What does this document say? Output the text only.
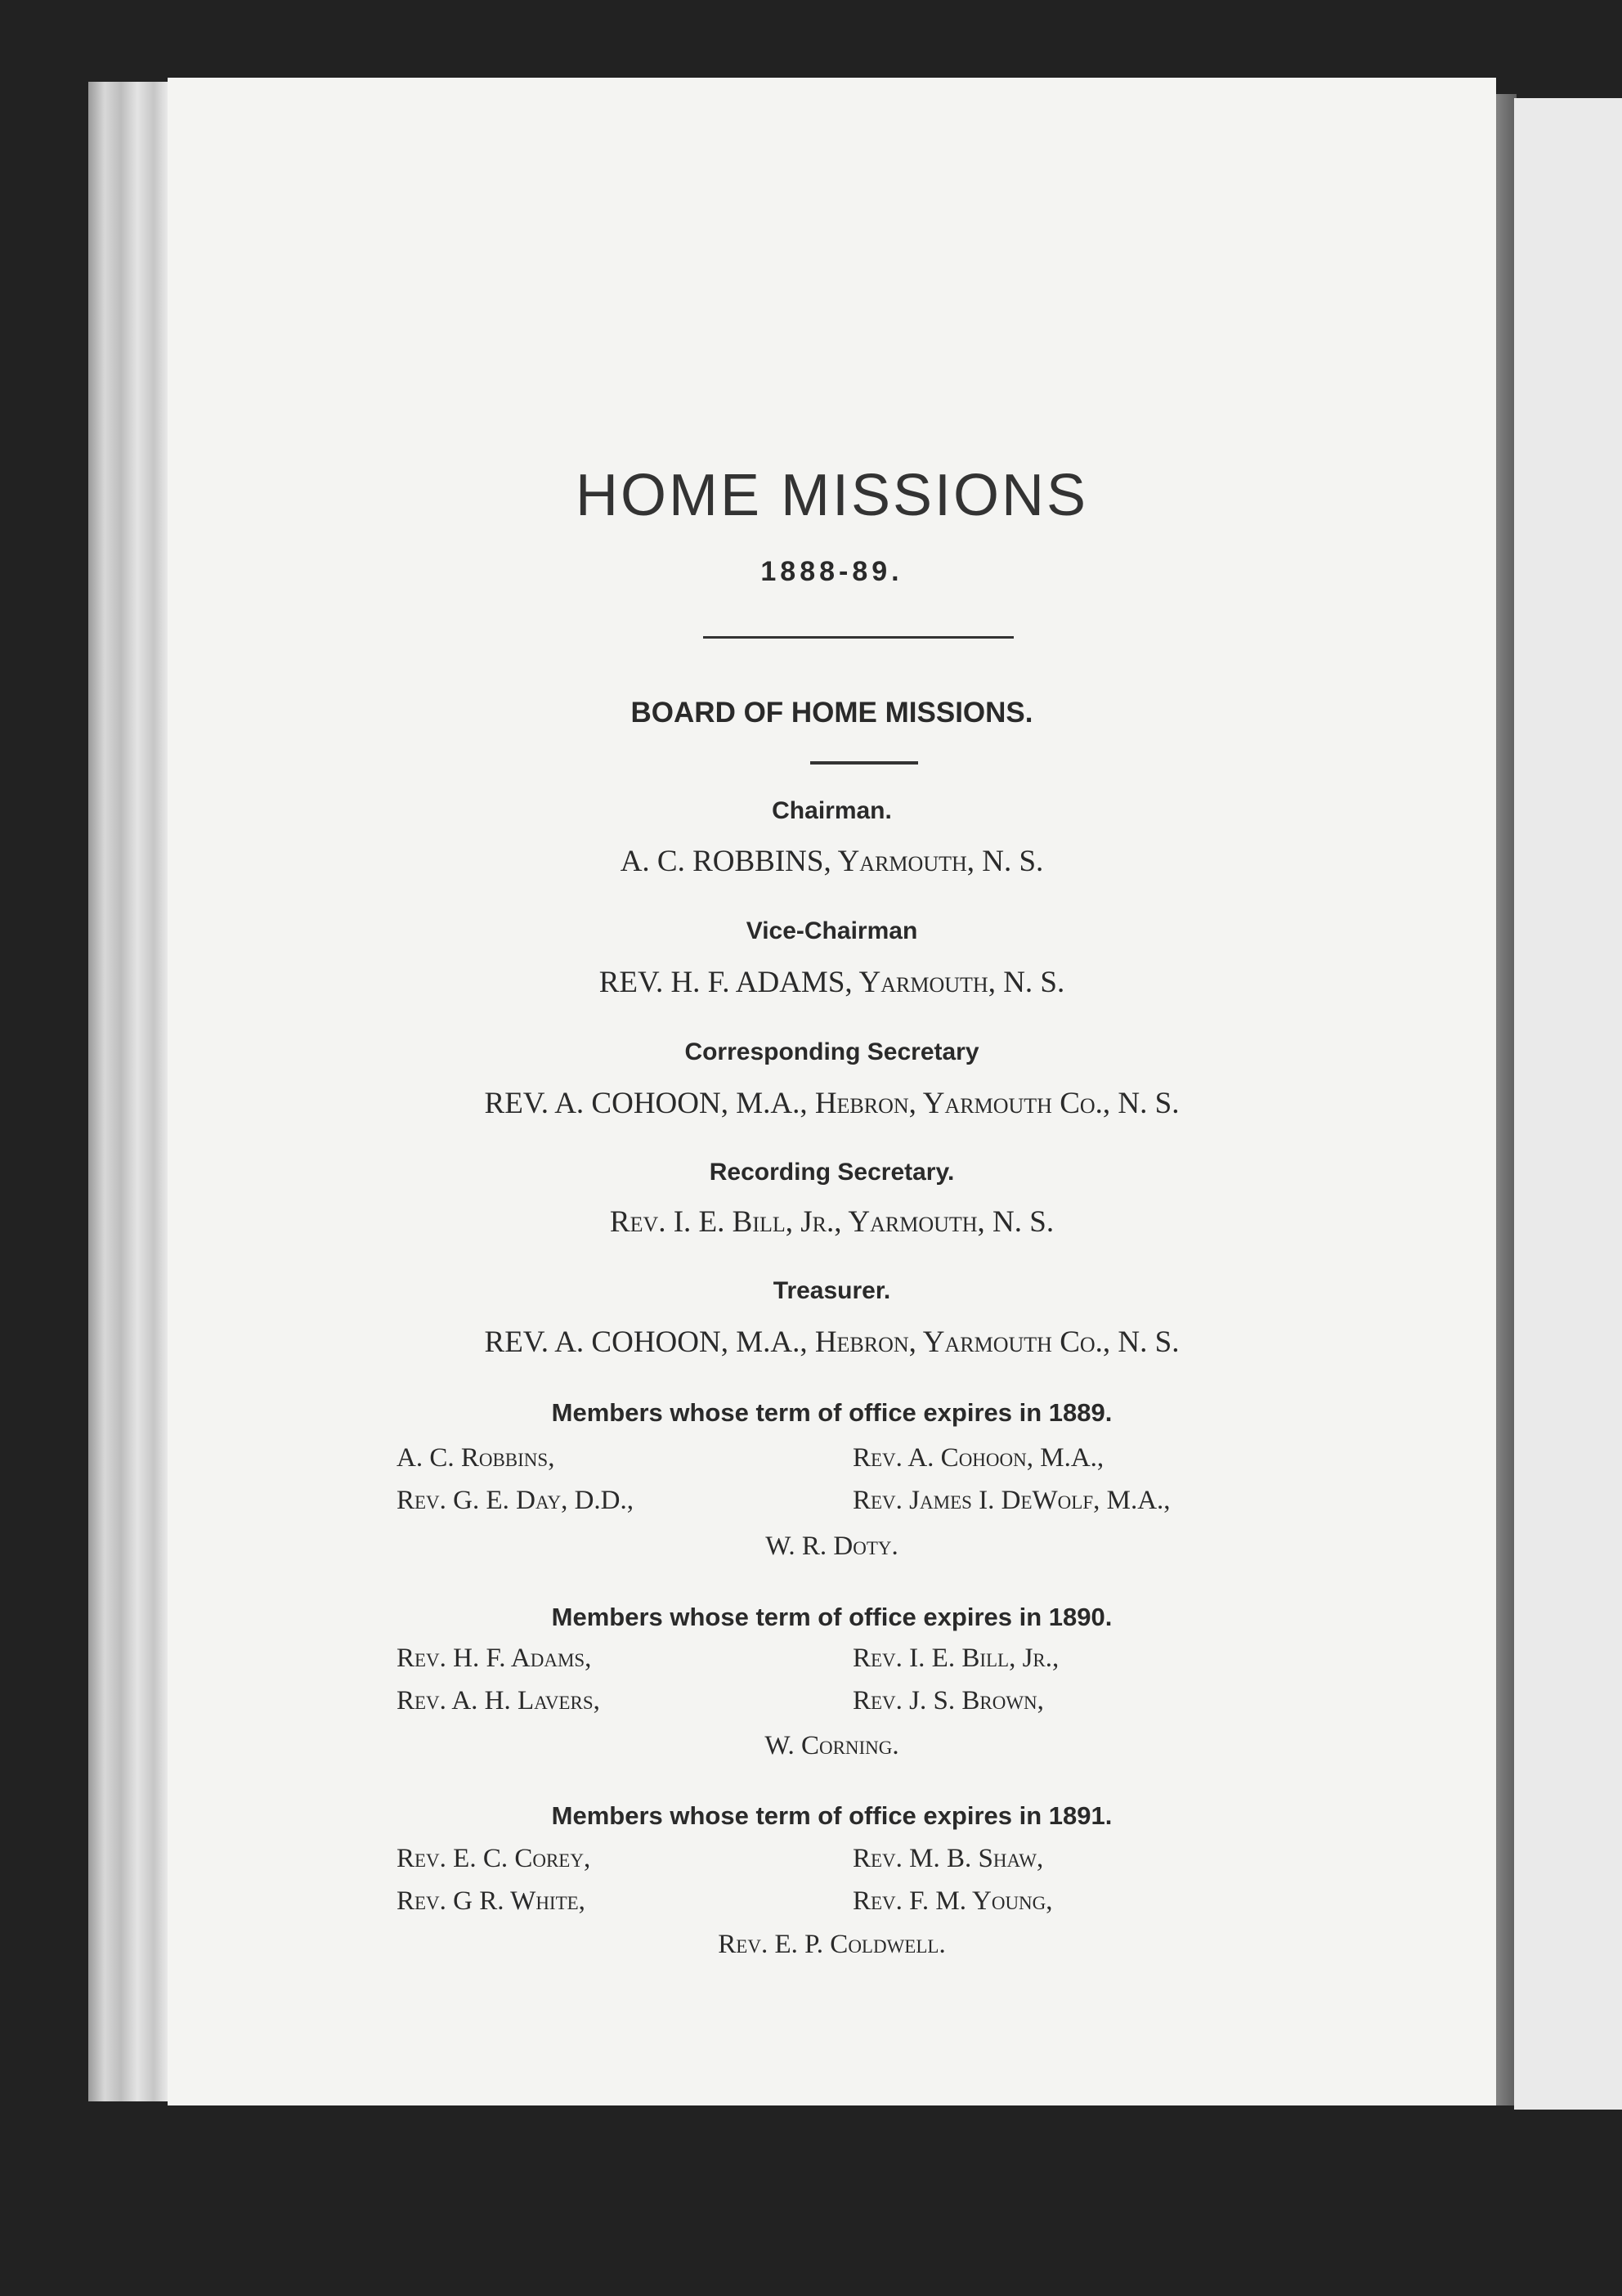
HOME MISSIONS
1888-89.
BOARD OF HOME MISSIONS.
Chairman.
A. C. ROBBINS, Yarmouth, N. S.
Vice-Chairman
REV. H. F. ADAMS, Yarmouth, N. S.
Corresponding Secretary
REV. A. COHOON, M.A., Hebron, Yarmouth Co., N. S.
Recording Secretary.
Rev. I. E. Bill, Jr., Yarmouth, N. S.
Treasurer.
REV. A. COHOON, M.A., Hebron, Yarmouth Co., N. S.
Members whose term of office expires in 1889.
A. C. Robbins,
Rev. G. E. Day, D.D.,
Rev. A. Cohoon, M.A.,
Rev. James I. DeWolf, M.A.,
W. R. Doty.
Members whose term of office expires in 1890.
Rev. H. F. Adams,
Rev. A. H. Lavers,
Rev. I. E. Bill, Jr.,
Rev. J. S. Brown,
W. Corning.
Members whose term of office expires in 1891.
Rev. E. C. Corey,
Rev. G R. White,
Rev. M. B. Shaw,
Rev. F. M. Young,
Rev. E. P. Coldwell.
